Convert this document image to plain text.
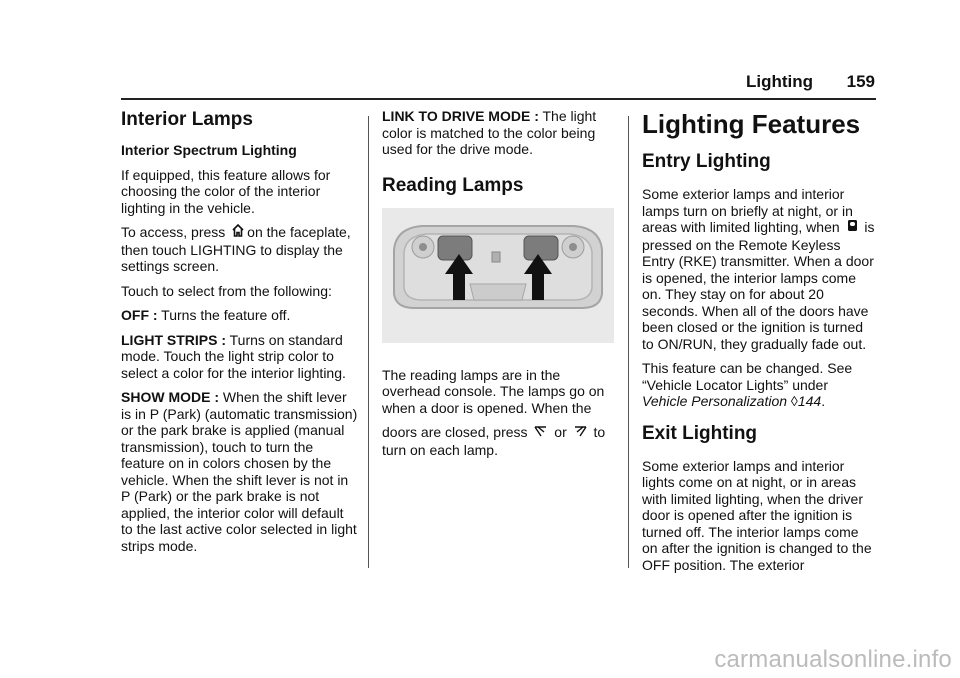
Lighting 159
Interior Lamps

Interior Spectrum Lighting

If equipped, this feature allows for choosing the color of the interior lighting in the vehicle.

To access, press on the faceplate, then touch LIGHTING to display the settings screen.

Touch to select from the following:

OFF : Turns the feature off.

LIGHT STRIPS : Turns on standard mode. Touch the light strip color to select a color for the interior lighting.

SHOW MODE : When the shift lever is in P (Park) (automatic transmission) or the park brake is applied (manual transmission), touch to turn the feature on in colors chosen by the vehicle. When the shift lever is not in P (Park) or the park brake is not applied, the interior color will default to the last active color selected in light strips mode.

LINK TO DRIVE MODE : The light color is matched to the color being used for the drive mode.

Reading Lamps

The reading lamps are in the overhead console. The lamps go on when a door is opened. When the

doors are closed, press  or  to turn on each lamp.

Lighting Features
Entry Lighting

Some exterior lamps and interior lamps turn on briefly at night, or in areas with limited lighting, when  is pressed on the Remote Keyless Entry (RKE) transmitter. When a door is opened, the interior lamps come on. They stay on for about 20 seconds. When all of the doors have been closed or the ignition is turned to ON/RUN, they gradually fade out.

This feature can be changed. See “Vehicle Locator Lights” under Vehicle Personalization ◊144.

Exit Lighting

Some exterior lamps and interior lights come on at night, or in areas with limited lighting, when the driver door is opened after the ignition is turned off. The interior lamps come on after the ignition is changed to the OFF position. The exterior

carmanualsonline.info
